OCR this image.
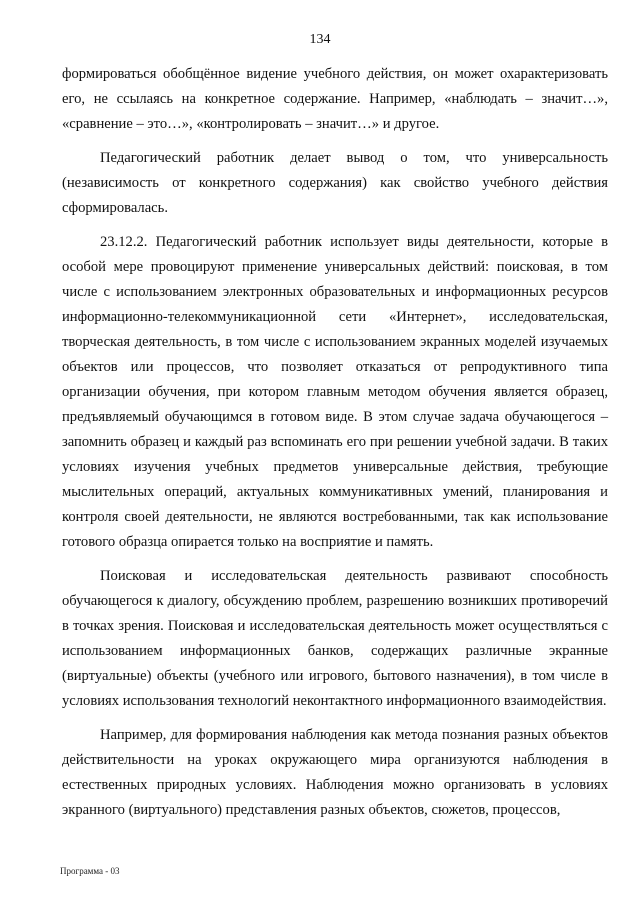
134

формироваться обобщённое видение учебного действия, он может охарактеризовать его, не ссылаясь на конкретное содержание. Например, «наблюдать – значит…», «сравнение – это…», «контролировать – значит…» и другое.

Педагогический работник делает вывод о том, что универсальность (независимость от конкретного содержания) как свойство учебного действия сформировалась.

23.12.2. Педагогический работник использует виды деятельности, которые в особой мере провоцируют применение универсальных действий: поисковая, в том числе с использованием электронных образовательных и информационных ресурсов информационно-телекоммуникационной сети «Интернет», исследовательская, творческая деятельность, в том числе с использованием экранных моделей изучаемых объектов или процессов, что позволяет отказаться от репродуктивного типа организации обучения, при котором главным методом обучения является образец, предъявляемый обучающимся в готовом виде. В этом случае задача обучающегося – запомнить образец и каждый раз вспоминать его при решении учебной задачи. В таких условиях изучения учебных предметов универсальные действия, требующие мыслительных операций, актуальных коммуникативных умений, планирования и контроля своей деятельности, не являются востребованными, так как использование готового образца опирается только на восприятие и память.

Поисковая и исследовательская деятельность развивают способность обучающегося к диалогу, обсуждению проблем, разрешению возникших противоречий в точках зрения. Поисковая и исследовательская деятельность может осуществляться с использованием информационных банков, содержащих различные экранные (виртуальные) объекты (учебного или игрового, бытового назначения), в том числе в условиях использования технологий неконтактного информационного взаимодействия.

Например, для формирования наблюдения как метода познания разных объектов действительности на уроках окружающего мира организуются наблюдения в естественных природных условиях. Наблюдения можно организовать в условиях экранного (виртуального) представления разных объектов, сюжетов, процессов,

Программа - 03
